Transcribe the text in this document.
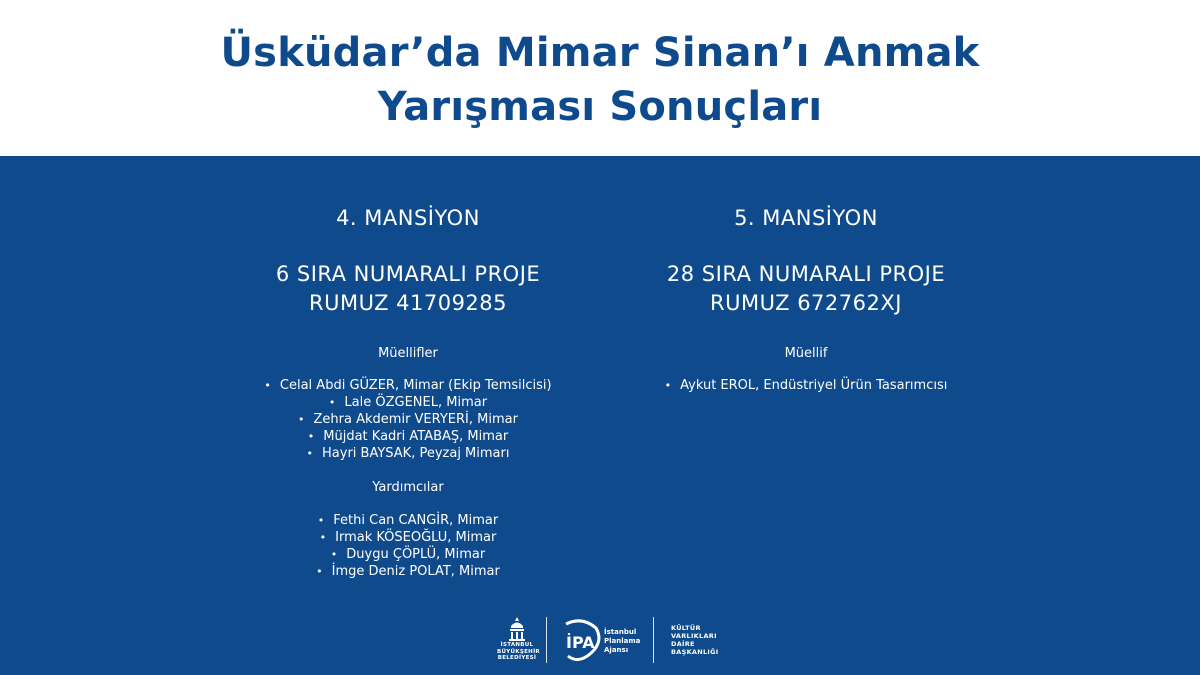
Üsküdar’da Mimar Sinan’ı Anmak
Yarışması Sonuçları
4. MANSİYON
6 SIRA NUMARALI PROJE
RUMUZ 41709285
Müellifler
• Celal Abdi GÜZER, Mimar (Ekip Temsilcisi)
• Lale ÖZGENEL, Mimar
• Zehra Akdemir VERYERİ, Mimar
• Müjdat Kadri ATABAŞ, Mimar
• Hayri BAYSAK, Peyzaj Mimarı
Yardımcılar
• Fethi Can CANGİR, Mimar
• Irmak KÖSEOĞLU, Mimar
• Duygu ÇÖPLÜ, Mimar
• İmge Deniz POLAT, Mimar
5. MANSİYON
28 SIRA NUMARALI PROJE
RUMUZ 672762XJ
Müellif
• Aykut EROL, Endüstriyel Ürün Tasarımcısı
İSTANBUL
BÜYÜKŞEHİR
BELEDİYESİ
İPA
İstanbul
Planlama
Ajansı
KÜLTÜR
VARLIKLARI
DAİRE
BAŞKANLIĞI
